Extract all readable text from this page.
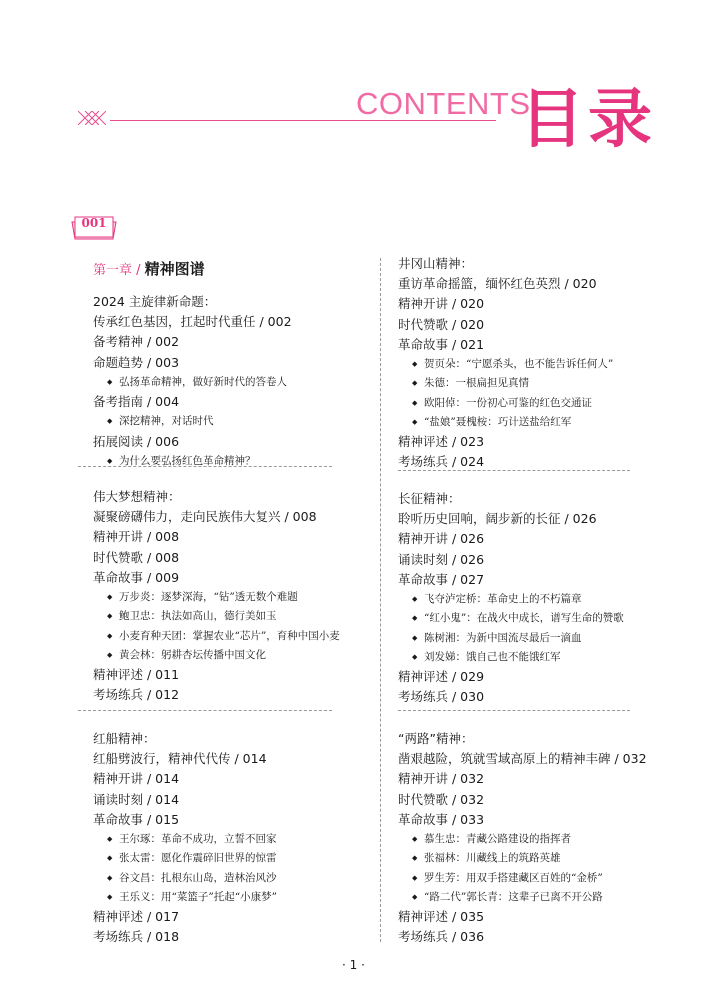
CONTENTS
目录
001
第一章 / 精神图谱
2024 主旋律新命题：
传承红色基因，扛起时代重任 / 002
备考精神 / 002
命题趋势 / 003
◆ 弘扬革命精神，做好新时代的答卷人
备考指南 / 004
◆ 深挖精神，对话时代
拓展阅读 / 006
◆ 为什么要弘扬红色革命精神？
伟大梦想精神：
凝聚磅礴伟力，走向民族伟大复兴 / 008
精神开讲 / 008
时代赞歌 / 008
革命故事 / 009
◆ 万步炎：逐梦深海，“钻”透无数个难题
◆ 鲍卫忠：执法如高山，德行美如玉
◆ 小麦育种天团：掌握农业“芯片”，育种中国小麦
◆ 黄会林：躬耕杏坛传播中国文化
精神评述 / 011
考场练兵 / 012
红船精神：
红船劈波行，精神代代传 / 014
精神开讲 / 014
诵读时刻 / 014
革命故事 / 015
◆ 王尔琢：革命不成功，立誓不回家
◆ 张太雷：愿化作震碎旧世界的惊雷
◆ 谷文昌：扎根东山岛，造林治风沙
◆ 王乐义：用“菜篮子”托起“小康梦”
精神评述 / 017
考场练兵 / 018
井冈山精神：
重访革命摇篮，缅怀红色英烈 / 020
精神开讲 / 020
时代赞歌 / 020
革命故事 / 021
◆ 贺页朵：“宁愿杀头，也不能告诉任何人”
◆ 朱德：一根扁担见真情
◆ 欧阳倬：一份初心可鉴的红色交通证
◆ “盐娘”聂槐桉：巧计送盐给红军
精神评述 / 023
考场练兵 / 024
长征精神：
聆听历史回响，阔步新的长征 / 026
精神开讲 / 026
诵读时刻 / 026
革命故事 / 027
◆ 飞夺泸定桥：革命史上的不朽篇章
◆ “红小鬼”：在战火中成长，谱写生命的赞歌
◆ 陈树湘：为新中国流尽最后一滴血
◆ 刘发娣：饿自己也不能饿红军
精神评述 / 029
考场练兵 / 030
“两路”精神：
凿艰越险，筑就雪域高原上的精神丰碑 / 032
精神开讲 / 032
时代赞歌 / 032
革命故事 / 033
◆ 慕生忠：青藏公路建设的指挥者
◆ 张福林：川藏线上的筑路英雄
◆ 罗生芳：用双手搭建藏区百姓的“金桥”
◆ “路二代”郭长青：这辈子已离不开公路
精神评述 / 035
考场练兵 / 036
· 1 ·
